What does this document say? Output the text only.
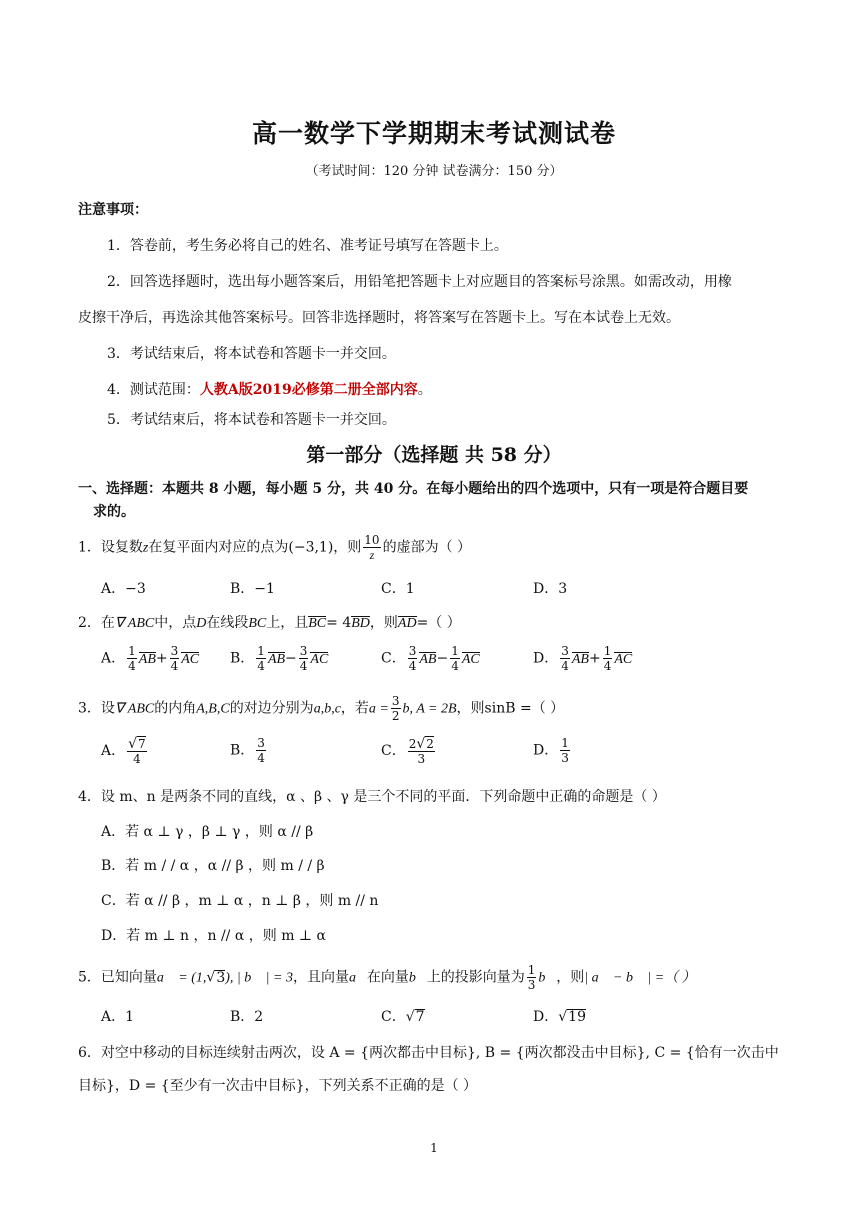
高一数学下学期期末考试测试卷
（考试时间：120 分钟 试卷满分：150 分）
注意事项：
1．答卷前，考生务必将自己的姓名、准考证号填写在答题卡上。
2．回答选择题时，选出每小题答案后，用铅笔把答题卡上对应题目的答案标号涂黑。如需改动，用橡
皮擦干净后，再选涂其他答案标号。回答非选择题时，将答案写在答题卡上。写在本试卷上无效。
3．考试结束后，将本试卷和答题卡一并交回。
4．测试范围：人教A版2019必修第二册全部内容。
5．考试结束后，将本试卷和答题卡一并交回。
第一部分（选择题 共 58 分）
一、选择题：本题共 8 小题，每小题 5 分，共 40 分。在每小题给出的四个选项中，只有一项是符合题目要
求的。
1．设复数z在复平面内对应的点为(−3,1)，则 $\frac{10}{z}$ 的虚部为（ ）
A．−3	B．−1	C．1	D．3
2．在∇ ABC中，点D在线段BC上，且BC= 4BD，则AD=（ ）
A． $\frac{1}{4} AB+ \frac{3}{4}$ AC B． $\frac{1}{4} AB- \frac{3}{4}$ AC	C． $\frac{3}{4} AB- \frac{1}{4}$ AC	D． $\frac{3}{4} AB+ \frac{1}{4}$ AC
3．设∇ ABC的内角A,B,C的对边分别为a,b,c，若$a = \frac{3}{2} b$, A = 2B，则sinB =（ ）
A． $\frac{√7}{4}$	B． $\frac{3}{4}$	C． $\frac{2√2}{3}$	D． $\frac{1}{3}$
4．设 m、n 是两条不同的直线，α 、β 、γ 是三个不同的平面．下列命题中正确的命题是（ ）
A．若 α ⊥ γ ，β ⊥ γ ，则 α // β
B．若 m / / α ，α // β ，则 m / / β
C．若 α // β ，m ⊥ α ，n ⊥ β ，则 m // n
D．若 m ⊥ n ，n // α ，则 m ⊥ α
5．已知向量a⃗ = (1,√3), | b⃗ | = 3，且向量a⃗在向量b⃗上的投影向量为 $\frac{1}{3}$ b⃗，则| a⃗ − b⃗ | =（ ）
A．1	B．2	C．√7	D．√19
6．对空中移动的目标连续射击两次，设 A = {两次都击中目标}, B = {两次都没击中目标}, C = {恰有一次击中
目标}，D = {至少有一次击中目标}，下列关系不正确的是（ ）
1
